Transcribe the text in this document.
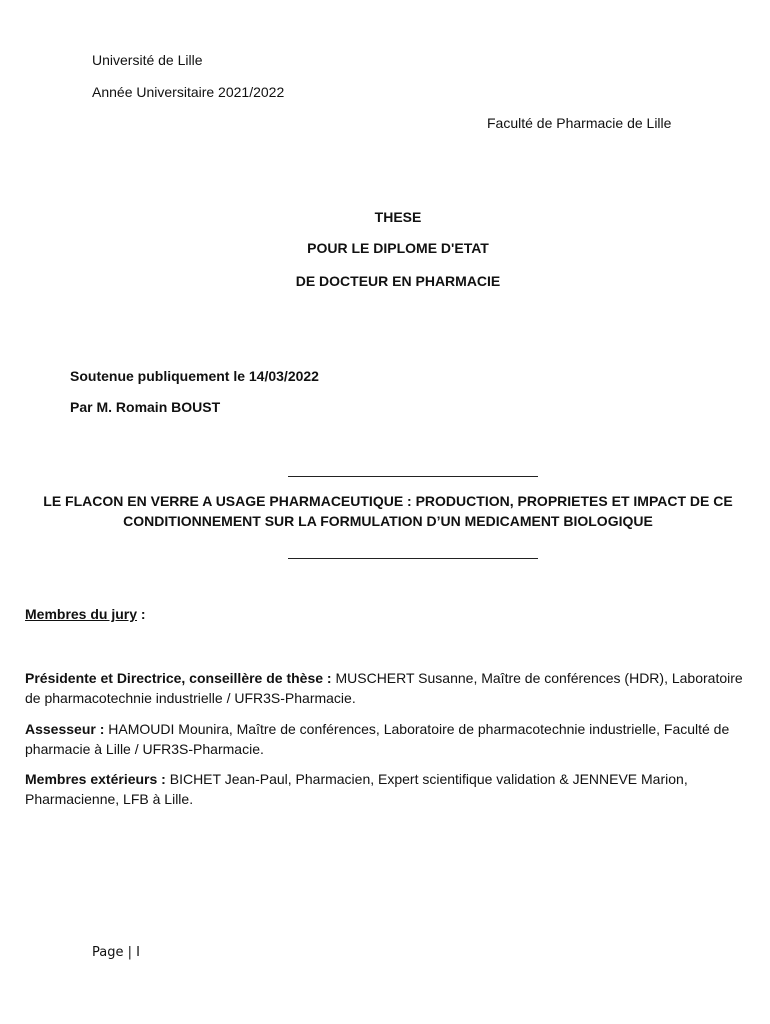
Université de Lille
Année Universitaire 2021/2022
Faculté de Pharmacie de Lille
THESE
POUR LE DIPLOME D'ETAT
DE DOCTEUR EN PHARMACIE
Soutenue publiquement le 14/03/2022
Par M. Romain BOUST
LE FLACON EN VERRE A USAGE PHARMACEUTIQUE : PRODUCTION, PROPRIETES ET IMPACT DE CE CONDITIONNEMENT SUR LA FORMULATION D’UN MEDICAMENT BIOLOGIQUE
Membres du jury :
Présidente et Directrice, conseillère de thèse : MUSCHERT Susanne, Maître de conférences (HDR), Laboratoire de pharmacotechnie industrielle / UFR3S-Pharmacie.
Assesseur : HAMOUDI Mounira, Maître de conférences, Laboratoire de pharmacotechnie industrielle, Faculté de pharmacie à Lille / UFR3S-Pharmacie.
Membres extérieurs : BICHET Jean-Paul, Pharmacien, Expert scientifique validation & JENNEVE Marion, Pharmacienne, LFB à Lille.
Page | I
